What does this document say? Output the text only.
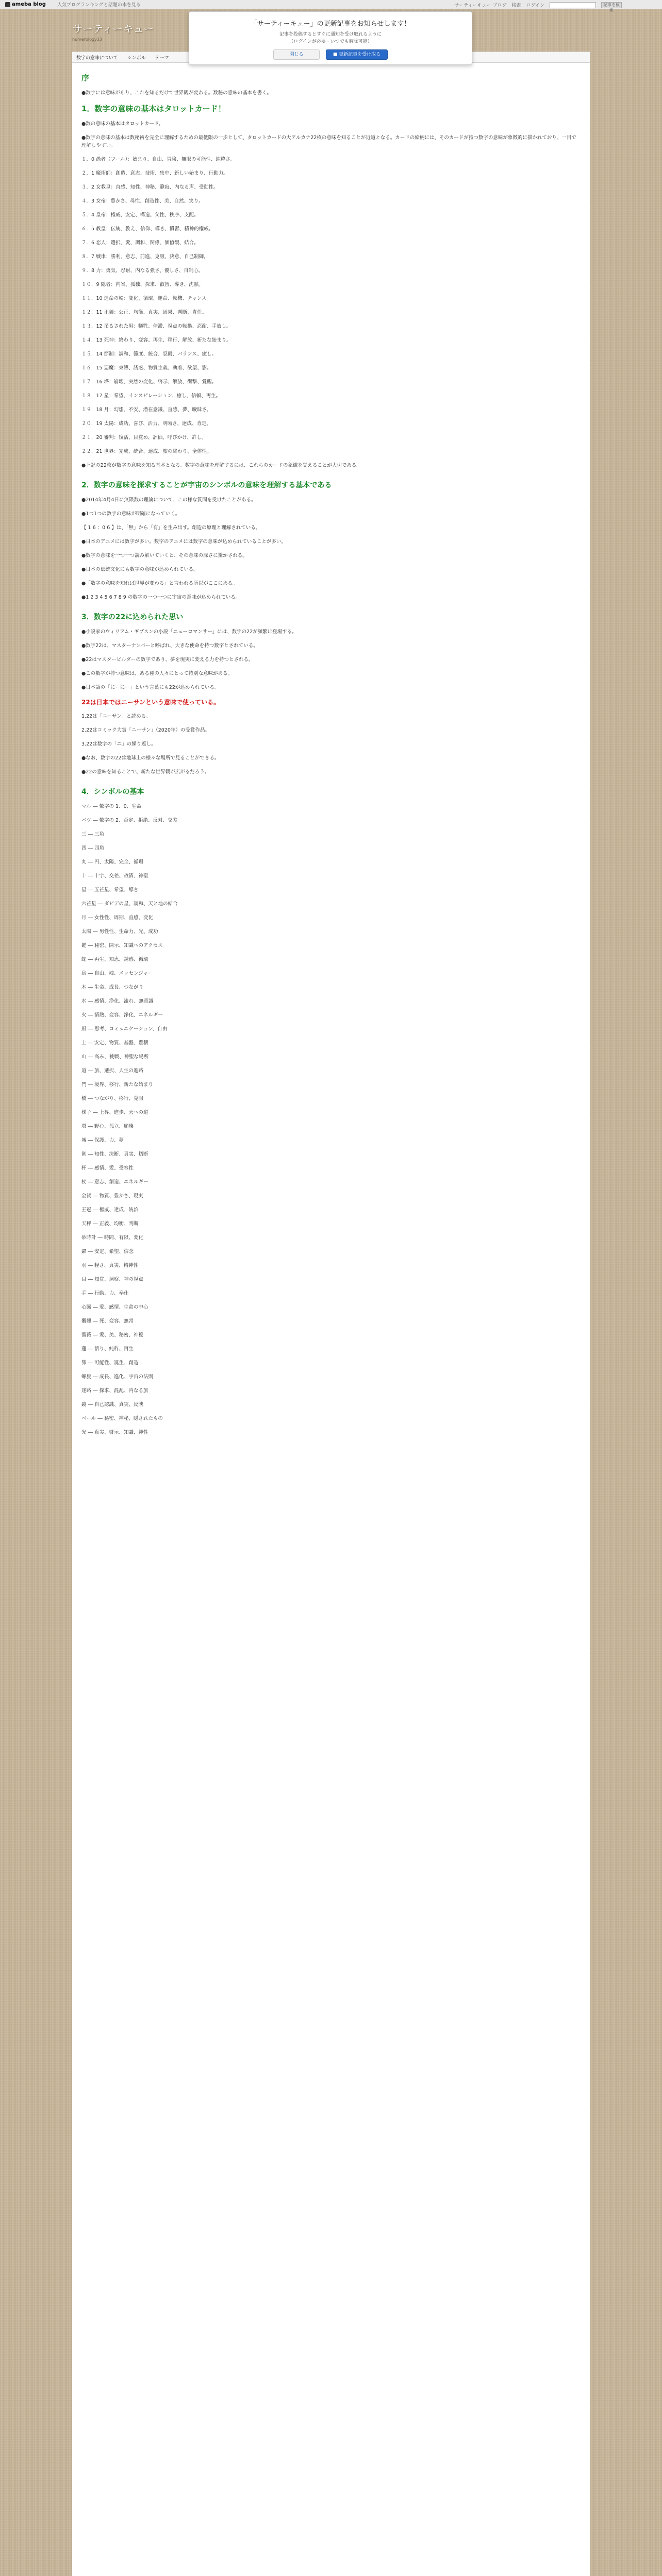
ameba blog 人気ブログランキングと話題の本を見る	サーティーキュー ブログ 検索 ログイン	記事を検索
サーティーキュー
numerology33
数字の意味について シンボル テーマ
「サーティーキュー」の更新記事をお知らせします！
記事を投稿するとすぐに通知を受け取れるように
（ログインが必要・いつでも解除可能）
閉じる	■ 更新記事を受け取る
序
●数字には意味があり、これを知るだけで世界観が変わる。数秘の意味の基本を書く。
1．数字の意味の基本はタロットカード！
●数の意味の基本はタロットカード。
●数字の意味の基本は数秘術を完全に理解するための最低限の一歩として、タロットカードの大アルカナ22枚の意味を知ることが近道となる。カードの絵柄には、そのカードが持つ数字の意味が象徴的に描かれており、一目で理解しやすい。
１．0 愚者（フール）：始まり、自由、冒険、無限の可能性、純粋さ。
２．1 魔術師：創造、意志、技術、集中、新しい始まり、行動力。
３．2 女教皇：直感、知性、神秘、静寂、内なる声、受動性。
４．3 女帝：豊かさ、母性、創造性、美、自然、実り。
５．4 皇帝：権威、安定、構造、父性、秩序、支配。
６．5 教皇：伝統、教え、信仰、導き、慣習、精神的権威。
７．6 恋人：選択、愛、調和、関係、価値観、結合。
８．7 戦車：勝利、意志、前進、克服、決意、自己制御。
９．8 力：勇気、忍耐、内なる強さ、優しさ、自制心。
１０．9 隠者：内省、孤独、探求、叡智、導き、沈黙。
１１．10 運命の輪：変化、循環、運命、転機、チャンス。
１２．11 正義：公正、均衡、真実、因果、判断、責任。
１３．12 吊るされた男：犠牲、停滞、視点の転換、忍耐、手放し。
１４．13 死神：終わり、変容、再生、移行、解放、新たな始まり。
１５．14 節制：調和、節度、統合、忍耐、バランス、癒し。
１６．15 悪魔：束縛、誘惑、物質主義、執着、欲望、影。
１７．16 塔：崩壊、突然の変化、啓示、解放、衝撃、覚醒。
１８．17 星：希望、インスピレーション、癒し、信頼、再生。
１９．18 月：幻想、不安、潜在意識、直感、夢、曖昧さ。
２０．19 太陽：成功、喜び、活力、明晰さ、達成、肯定。
２１．20 審判：復活、目覚め、評価、呼びかけ、許し。
２２．21 世界：完成、統合、達成、旅の終わり、全体性。
●上記の22枚が数字の意味を知る基本となる。数字の意味を理解するには、これらのカードの象徴を覚えることが大切である。
2．数字の意味を探求することが宇宙のシンボルの意味を理解する基本である
●2014年4月4日に無限数の理論について、この様な質問を受けたことがある。
●1つ1つの数字の意味が明確になっていく。
【 1 6 ：0 6 】は、「無」から「有」を生み出す。創造の原理と理解されている。
●日本のアニメには数字が多い。数字のアニメには数字の意味が込められていることが多い。
●数字の意味を一つ一つ読み解いていくと、その意味の深さに驚かされる。
●日本の伝統文化にも数字の意味が込められている。
●「数字の意味を知れば世界が変わる」と言われる所以がここにある。
●1 2 3 4 5 6 7 8 9 の数字の一つ一つに宇宙の意味が込められている。
3．数字の22に込められた思い
●小説家のウィリアム・ギブスンの小説「ニューロマンサー」には、数字の22が頻繁に登場する。
●数字22は、マスターナンバーと呼ばれ、大きな使命を持つ数字とされている。
●22はマスタービルダーの数字であり、夢を現実に変える力を持つとされる。
●この数字が持つ意味は、ある種の人々にとって特別な意味がある。
●日本語の「にーにー」という言葉にも22が込められている。
22は日本ではニーサンという意味で使っている。
1.22は「ニーサン」と読める。
2.22はコミック大賞「ニーサン」（2020年）の受賞作品。
3.22は数字の「ニ」の繰り返し。
●なお、数字の22は地球上の様々な場所で見ることができる。
●22の意味を知ることで、新たな世界観が広がるだろう。
4．シンボルの基本
マル ― 数字の 1、0、生命
バツ ― 数字の 2、否定、拒絶、反対、交差
三 ― 三角
四 ― 四角
丸 ― 円、太陽、完全、循環
十 ― 十字、交差、救済、神聖
星 ― 五芒星、希望、導き
六芒星 ― ダビデの星、調和、天と地の結合
月 ― 女性性、周期、直感、変化
太陽 ― 男性性、生命力、光、成功
鍵 ― 秘密、開示、知識へのアクセス
蛇 ― 再生、知恵、誘惑、循環
鳥 ― 自由、魂、メッセンジャー
木 ― 生命、成長、つながり
水 ― 感情、浄化、流れ、無意識
火 ― 情熱、変容、浄化、エネルギー
風 ― 思考、コミュニケーション、自由
土 ― 安定、物質、基盤、豊穣
山 ― 高み、挑戦、神聖な場所
道 ― 旅、選択、人生の進路
門 ― 境界、移行、新たな始まり
橋 ― つながり、移行、克服
梯子 ― 上昇、進歩、天への道
塔 ― 野心、孤立、崩壊
城 ― 保護、力、夢
剣 ― 知性、決断、真実、切断
杯 ― 感情、愛、受容性
杖 ― 意志、創造、エネルギー
金貨 ― 物質、豊かさ、現実
王冠 ― 権威、達成、統治
天秤 ― 正義、均衡、判断
砂時計 ― 時間、有限、変化
錨 ― 安定、希望、信念
羽 ― 軽さ、真実、精神性
目 ― 知覚、洞察、神の視点
手 ― 行動、力、奉仕
心臓 ― 愛、感情、生命の中心
髑髏 ― 死、変容、無常
薔薇 ― 愛、美、秘密、神秘
蓮 ― 悟り、純粋、再生
卵 ― 可能性、誕生、創造
螺旋 ― 成長、進化、宇宙の法則
迷路 ― 探求、混乱、内なる旅
鏡 ― 自己認識、真実、反映
ベール ― 秘密、神秘、隠されたもの
光 ― 真実、啓示、知識、神性
